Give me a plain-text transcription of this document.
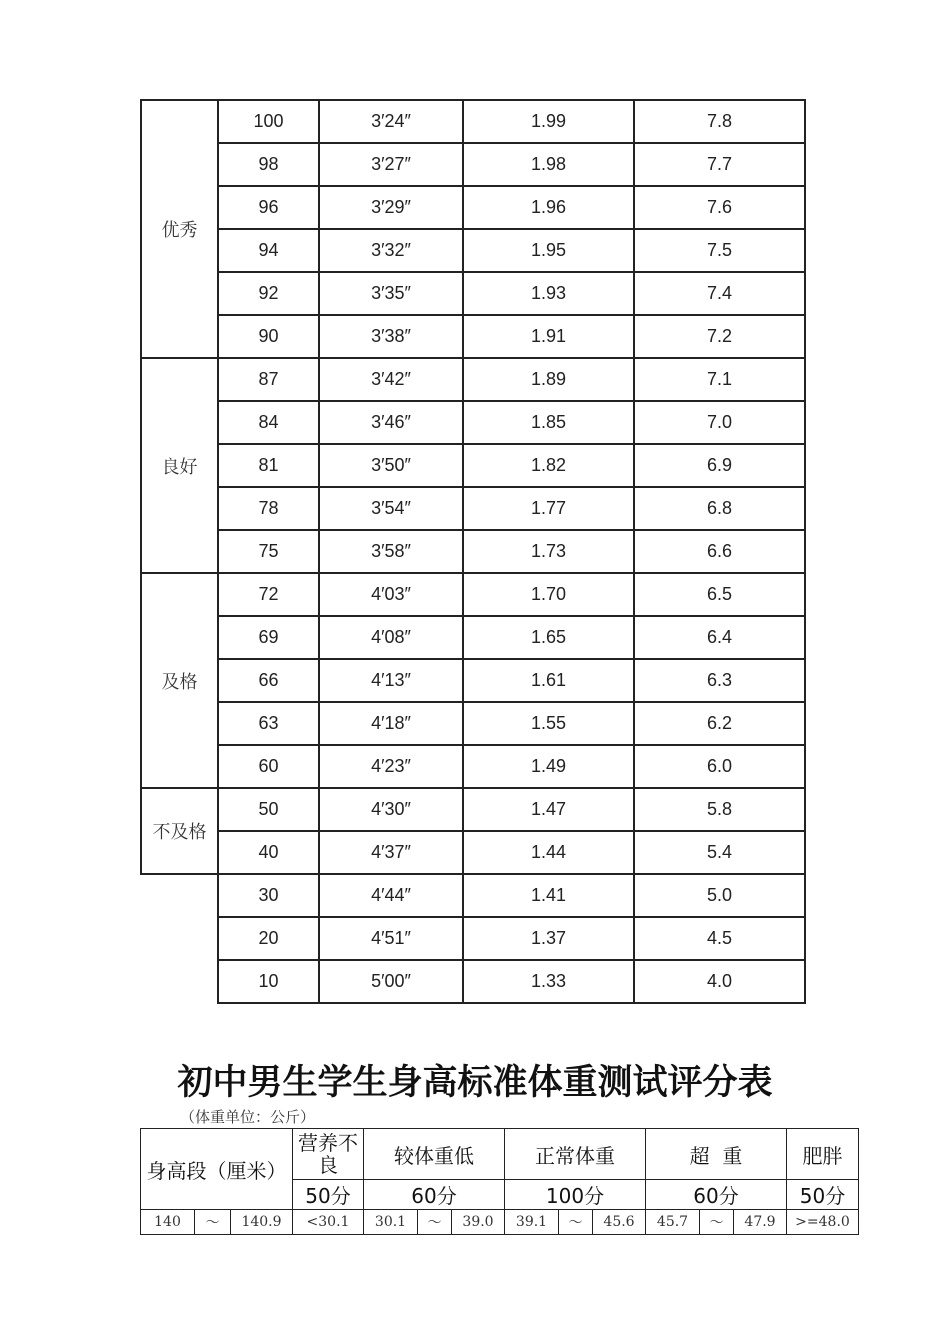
优秀	100	3′24″	1.99	7.8
	98	3′27″	1.98	7.7
	96	3′29″	1.96	7.6
	94	3′32″	1.95	7.5
	92	3′35″	1.93	7.4
	90	3′38″	1.91	7.2
良好	87	3′42″	1.89	7.1
	84	3′46″	1.85	7.0
	81	3′50″	1.82	6.9
	78	3′54″	1.77	6.8
	75	3′58″	1.73	6.6
及格	72	4′03″	1.70	6.5
	69	4′08″	1.65	6.4
	66	4′13″	1.61	6.3
	63	4′18″	1.55	6.2
	60	4′23″	1.49	6.0
不及格	50	4′30″	1.47	5.8
	40	4′37″	1.44	5.4
	30	4′44″	1.41	5.0
	20	4′51″	1.37	4.5
	10	5′00″	1.33	4.0
初中男生学生身高标准体重测试评分表
（体重单位：公斤）
身高段（厘米）			营养不良	较体重低			正常体重			超  重			肥胖
			50分	60分			100分			60分			50分
140	～	140.9	<30.1	30.1	～	39.0	39.1	～	45.6	45.7	～	47.9	>=48.0
